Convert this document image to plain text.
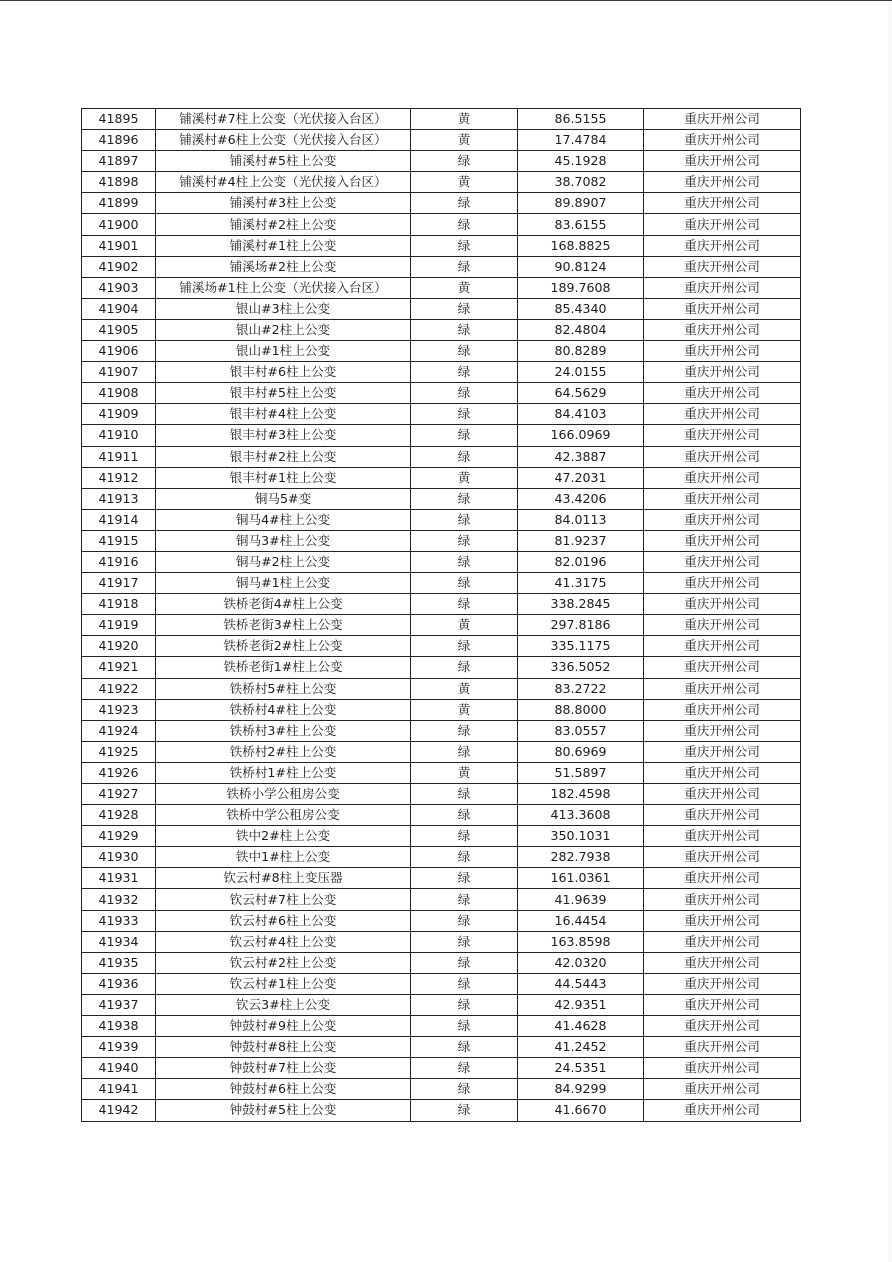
41895	铺溪村#7柱上公变（光伏接入台区）	黄	86.5155	重庆开州公司
41896	铺溪村#6柱上公变（光伏接入台区）	黄	17.4784	重庆开州公司
41897	铺溪村#5柱上公变	绿	45.1928	重庆开州公司
41898	铺溪村#4柱上公变（光伏接入台区）	黄	38.7082	重庆开州公司
41899	铺溪村#3柱上公变	绿	89.8907	重庆开州公司
41900	铺溪村#2柱上公变	绿	83.6155	重庆开州公司
41901	铺溪村#1柱上公变	绿	168.8825	重庆开州公司
41902	铺溪场#2柱上公变	绿	90.8124	重庆开州公司
41903	铺溪场#1柱上公变（光伏接入台区）	黄	189.7608	重庆开州公司
41904	银山#3柱上公变	绿	85.4340	重庆开州公司
41905	银山#2柱上公变	绿	82.4804	重庆开州公司
41906	银山#1柱上公变	绿	80.8289	重庆开州公司
41907	银丰村#6柱上公变	绿	24.0155	重庆开州公司
41908	银丰村#5柱上公变	绿	64.5629	重庆开州公司
41909	银丰村#4柱上公变	绿	84.4103	重庆开州公司
41910	银丰村#3柱上公变	绿	166.0969	重庆开州公司
41911	银丰村#2柱上公变	绿	42.3887	重庆开州公司
41912	银丰村#1柱上公变	黄	47.2031	重庆开州公司
41913	铜马5#变	绿	43.4206	重庆开州公司
41914	铜马4#柱上公变	绿	84.0113	重庆开州公司
41915	铜马3#柱上公变	绿	81.9237	重庆开州公司
41916	铜马#2柱上公变	绿	82.0196	重庆开州公司
41917	铜马#1柱上公变	绿	41.3175	重庆开州公司
41918	铁桥老街4#柱上公变	绿	338.2845	重庆开州公司
41919	铁桥老街3#柱上公变	黄	297.8186	重庆开州公司
41920	铁桥老街2#柱上公变	绿	335.1175	重庆开州公司
41921	铁桥老街1#柱上公变	绿	336.5052	重庆开州公司
41922	铁桥村5#柱上公变	黄	83.2722	重庆开州公司
41923	铁桥村4#柱上公变	黄	88.8000	重庆开州公司
41924	铁桥村3#柱上公变	绿	83.0557	重庆开州公司
41925	铁桥村2#柱上公变	绿	80.6969	重庆开州公司
41926	铁桥村1#柱上公变	黄	51.5897	重庆开州公司
41927	铁桥小学公租房公变	绿	182.4598	重庆开州公司
41928	铁桥中学公租房公变	绿	413.3608	重庆开州公司
41929	铁中2#柱上公变	绿	350.1031	重庆开州公司
41930	铁中1#柱上公变	绿	282.7938	重庆开州公司
41931	钦云村#8柱上变压器	绿	161.0361	重庆开州公司
41932	钦云村#7柱上公变	绿	41.9639	重庆开州公司
41933	钦云村#6柱上公变	绿	16.4454	重庆开州公司
41934	钦云村#4柱上公变	绿	163.8598	重庆开州公司
41935	钦云村#2柱上公变	绿	42.0320	重庆开州公司
41936	钦云村#1柱上公变	绿	44.5443	重庆开州公司
41937	钦云3#柱上公变	绿	42.9351	重庆开州公司
41938	钟鼓村#9柱上公变	绿	41.4628	重庆开州公司
41939	钟鼓村#8柱上公变	绿	41.2452	重庆开州公司
41940	钟鼓村#7柱上公变	绿	24.5351	重庆开州公司
41941	钟鼓村#6柱上公变	绿	84.9299	重庆开州公司
41942	钟鼓村#5柱上公变	绿	41.6670	重庆开州公司
